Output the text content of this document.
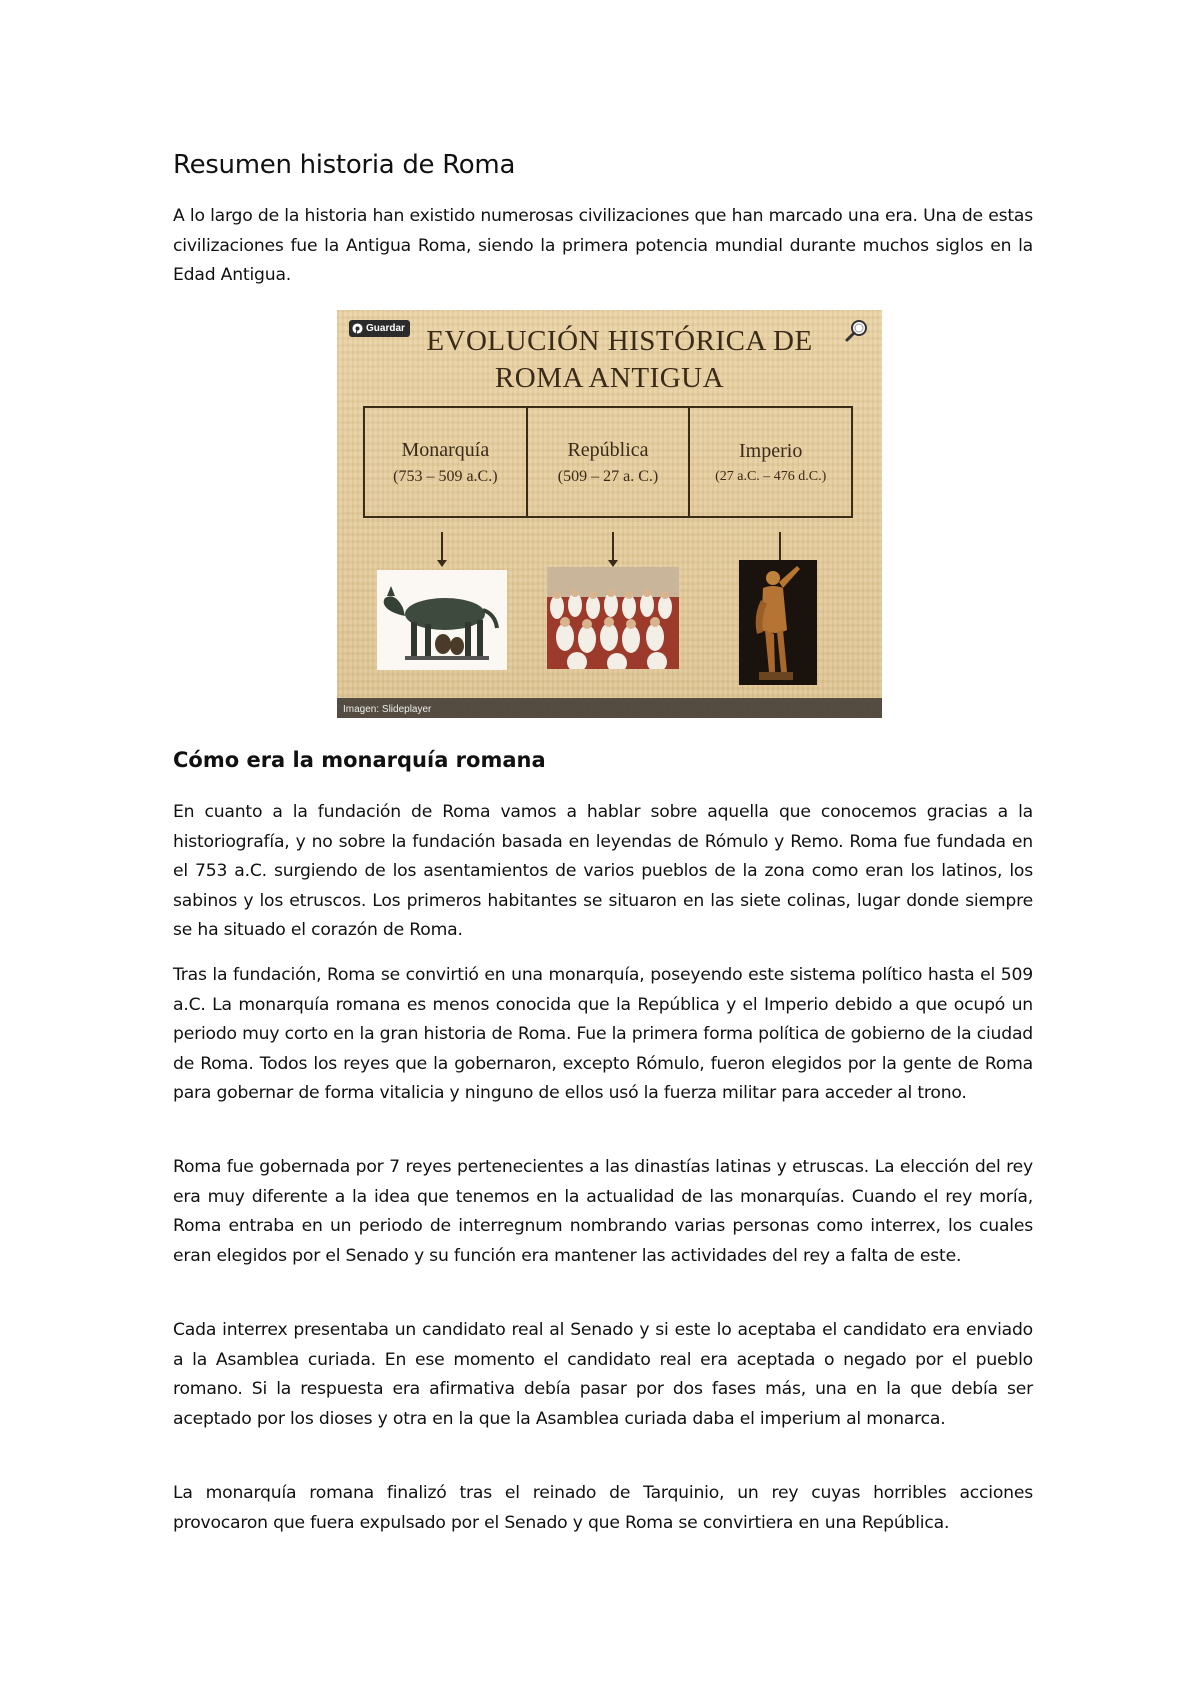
Resumen historia de Roma

A lo largo de la historia han existido numerosas civilizaciones que han marcado una era. Una de estas civilizaciones fue la Antigua Roma, siendo la primera potencia mundial durante muchos siglos en la Edad Antigua.

Guardar EVOLUCIÓN HISTÓRICA DE
ROMA ANTIGUA
Monarquía
(753 – 509 a.C.)
República
(509 – 27 a. C.)
Imperio
(27 a.C. – 476 d.C.)
Imagen: Slideplayer
Cómo era la monarquía romana

En cuanto a la fundación de Roma vamos a hablar sobre aquella que conocemos gracias a la historiografía, y no sobre la fundación basada en leyendas de Rómulo y Remo. Roma fue fundada en el 753 a.C. surgiendo de los asentamientos de varios pueblos de la zona como eran los latinos, los sabinos y los etruscos. Los primeros habitantes se situaron en las siete colinas, lugar donde siempre se ha situado el corazón de Roma.

Tras la fundación, Roma se convirtió en una monarquía, poseyendo este sistema político hasta el 509 a.C. La monarquía romana es menos conocida que la República y el Imperio debido a que ocupó un periodo muy corto en la gran historia de Roma. Fue la primera forma política de gobierno de la ciudad de Roma. Todos los reyes que la gobernaron, excepto Rómulo, fueron elegidos por la gente de Roma para gobernar de forma vitalicia y ninguno de ellos usó la fuerza militar para acceder al trono.

Roma fue gobernada por 7 reyes pertenecientes a las dinastías latinas y etruscas. La elección del rey era muy diferente a la idea que tenemos en la actualidad de las monarquías. Cuando el rey moría, Roma entraba en un periodo de interregnum nombrando varias personas como interrex, los cuales eran elegidos por el Senado y su función era mantener las actividades del rey a falta de este.

Cada interrex presentaba un candidato real al Senado y si este lo aceptaba el candidato era enviado a la Asamblea curiada. En ese momento el candidato real era aceptada o negado por el pueblo romano. Si la respuesta era afirmativa debía pasar por dos fases más, una en la que debía ser aceptado por los dioses y otra en la que la Asamblea curiada daba el imperium al monarca.

La monarquía romana finalizó tras el reinado de Tarquinio, un rey cuyas horribles acciones provocaron que fuera expulsado por el Senado y que Roma se convirtiera en una República.
